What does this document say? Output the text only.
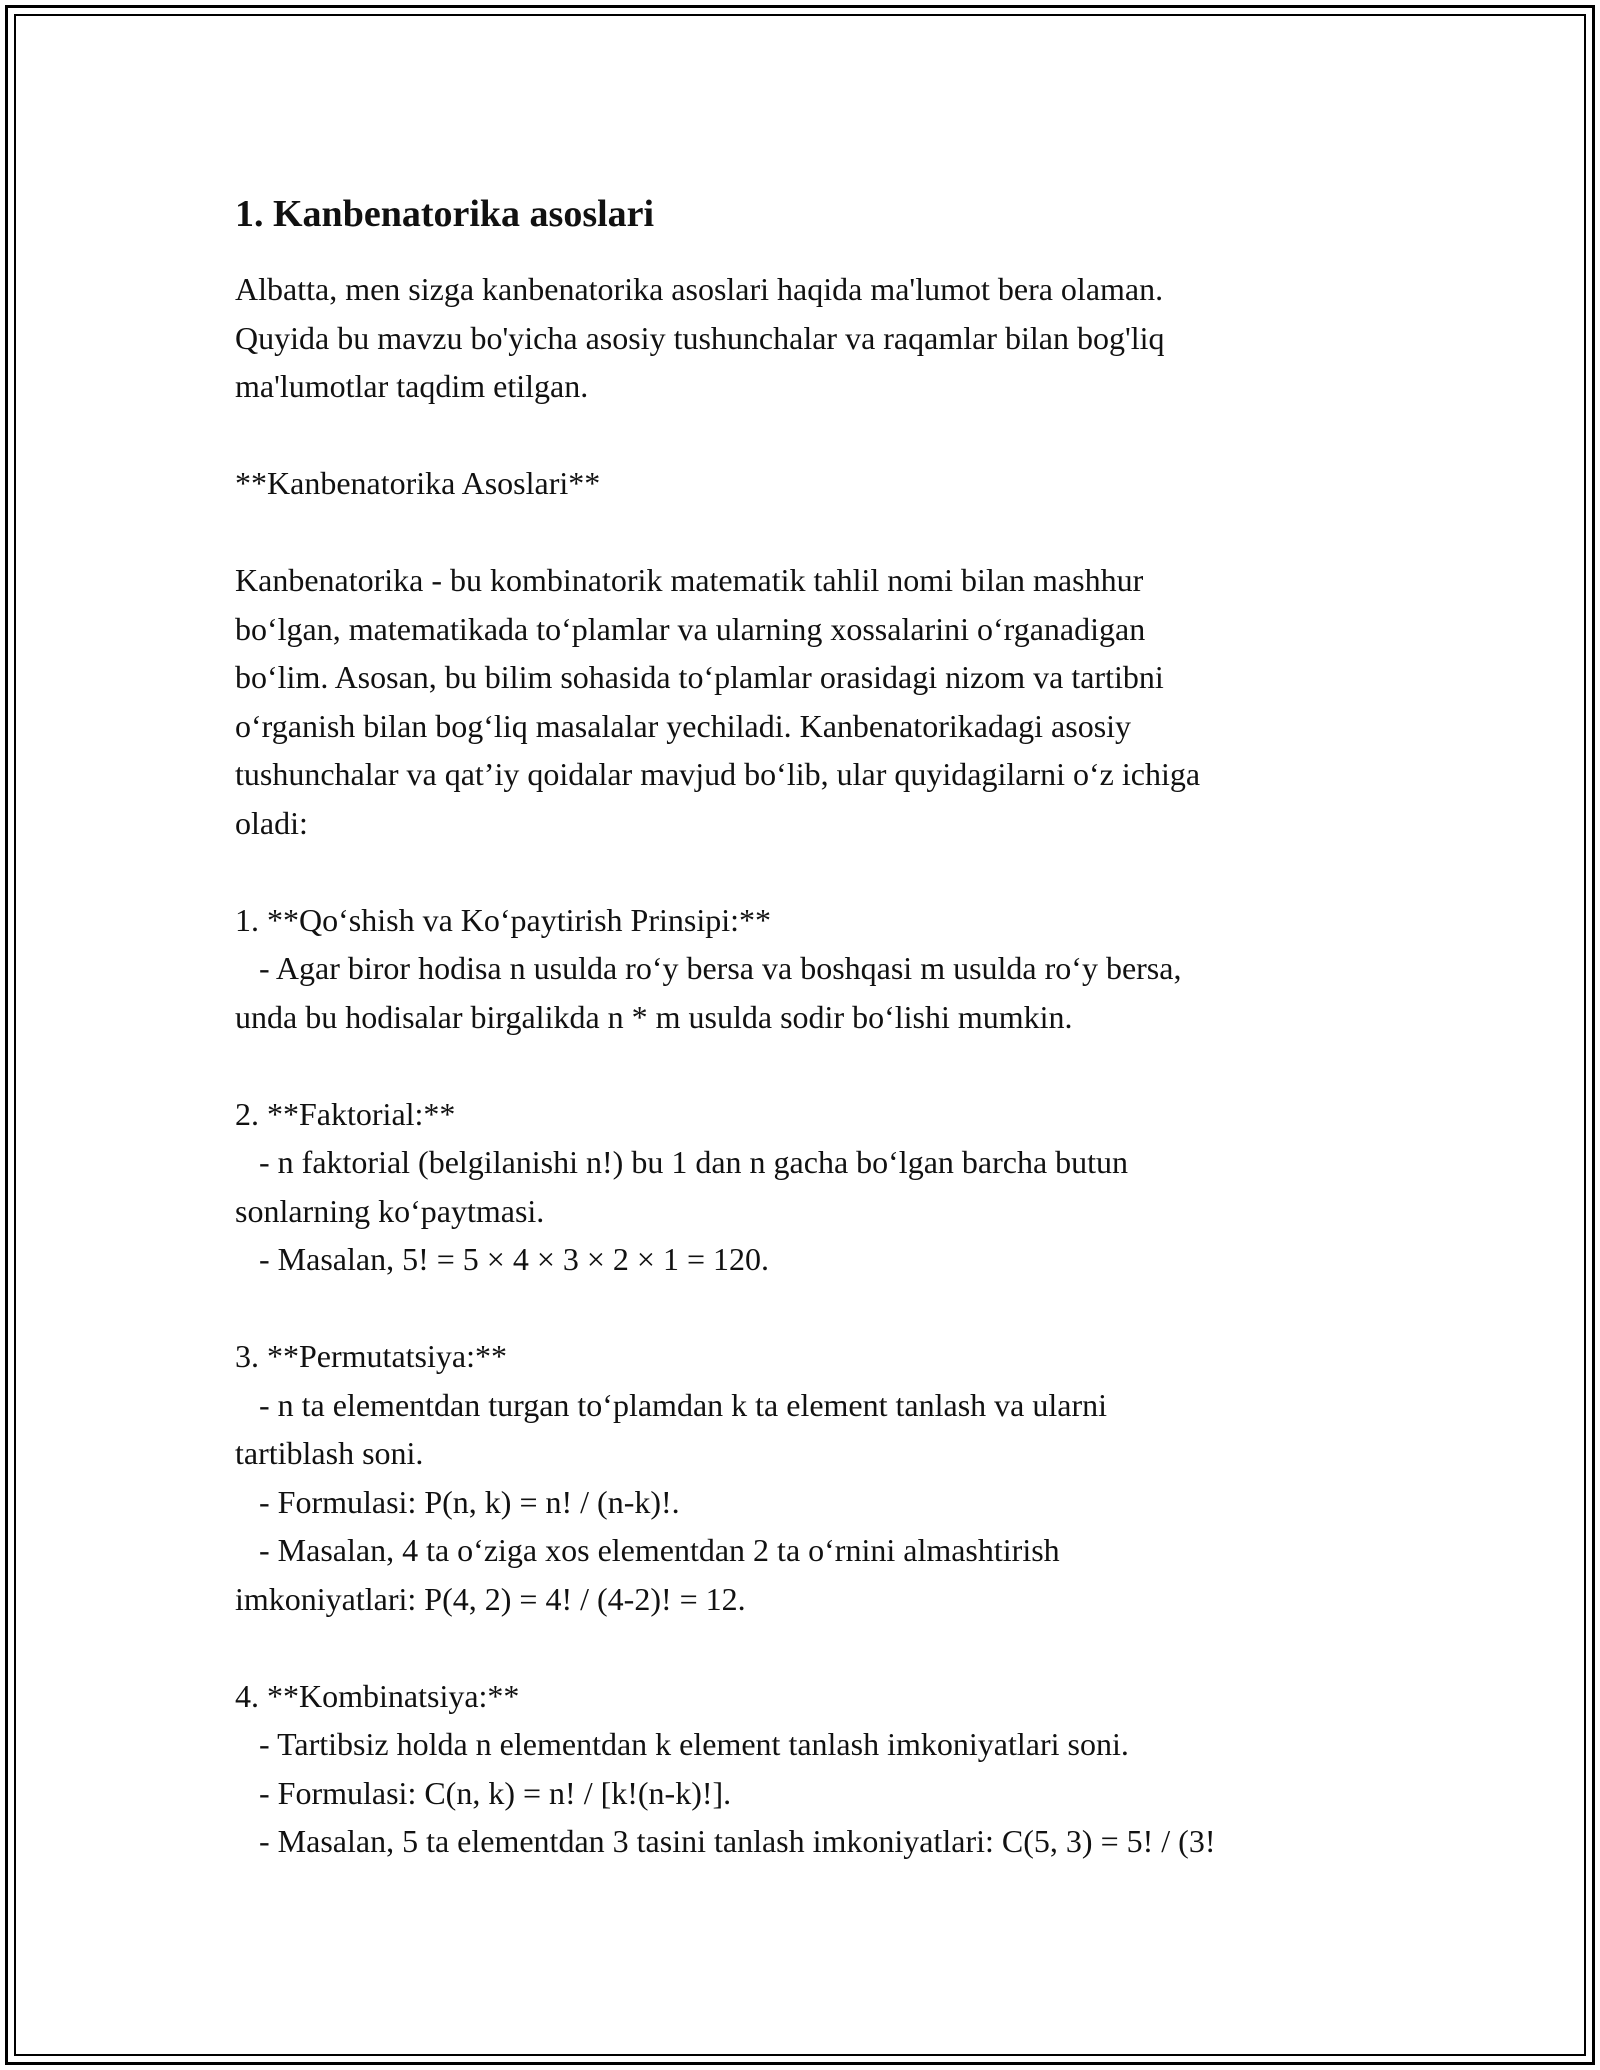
1. Kanbenatorika asoslari
Albatta, men sizga kanbenatorika asoslari haqida ma'lumot bera olaman.
Quyida bu mavzu bo'yicha asosiy tushunchalar va raqamlar bilan bog'liq
ma'lumotlar taqdim etilgan.
**Kanbenatorika Asoslari**
Kanbenatorika - bu kombinatorik matematik tahlil nomi bilan mashhur
bo‘lgan, matematikada to‘plamlar va ularning xossalarini o‘rganadigan
bo‘lim. Asosan, bu bilim sohasida to‘plamlar orasidagi nizom va tartibni
o‘rganish bilan bog‘liq masalalar yechiladi. Kanbenatorikadagi asosiy
tushunchalar va qat’iy qoidalar mavjud bo‘lib, ular quyidagilarni o‘z ichiga
oladi:
1. **Qo‘shish va Ko‘paytirish Prinsipi:**
- Agar biror hodisa n usulda ro‘y bersa va boshqasi m usulda ro‘y bersa,
unda bu hodisalar birgalikda n * m usulda sodir bo‘lishi mumkin.
2. **Faktorial:**
- n faktorial (belgilanishi n!) bu 1 dan n gacha bo‘lgan barcha butun
sonlarning ko‘paytmasi.
- Masalan, 5! = 5 × 4 × 3 × 2 × 1 = 120.
3. **Permutatsiya:**
- n ta elementdan turgan to‘plamdan k ta element tanlash va ularni
tartiblash soni.
- Formulasi: P(n, k) = n! / (n-k)!.
- Masalan, 4 ta o‘ziga xos elementdan 2 ta o‘rnini almashtirish
imkoniyatlari: P(4, 2) = 4! / (4-2)! = 12.
4. **Kombinatsiya:**
- Tartibsiz holda n elementdan k element tanlash imkoniyatlari soni.
- Formulasi: C(n, k) = n! / [k!(n-k)!].
- Masalan, 5 ta elementdan 3 tasini tanlash imkoniyatlari: C(5, 3) = 5! / (3!
